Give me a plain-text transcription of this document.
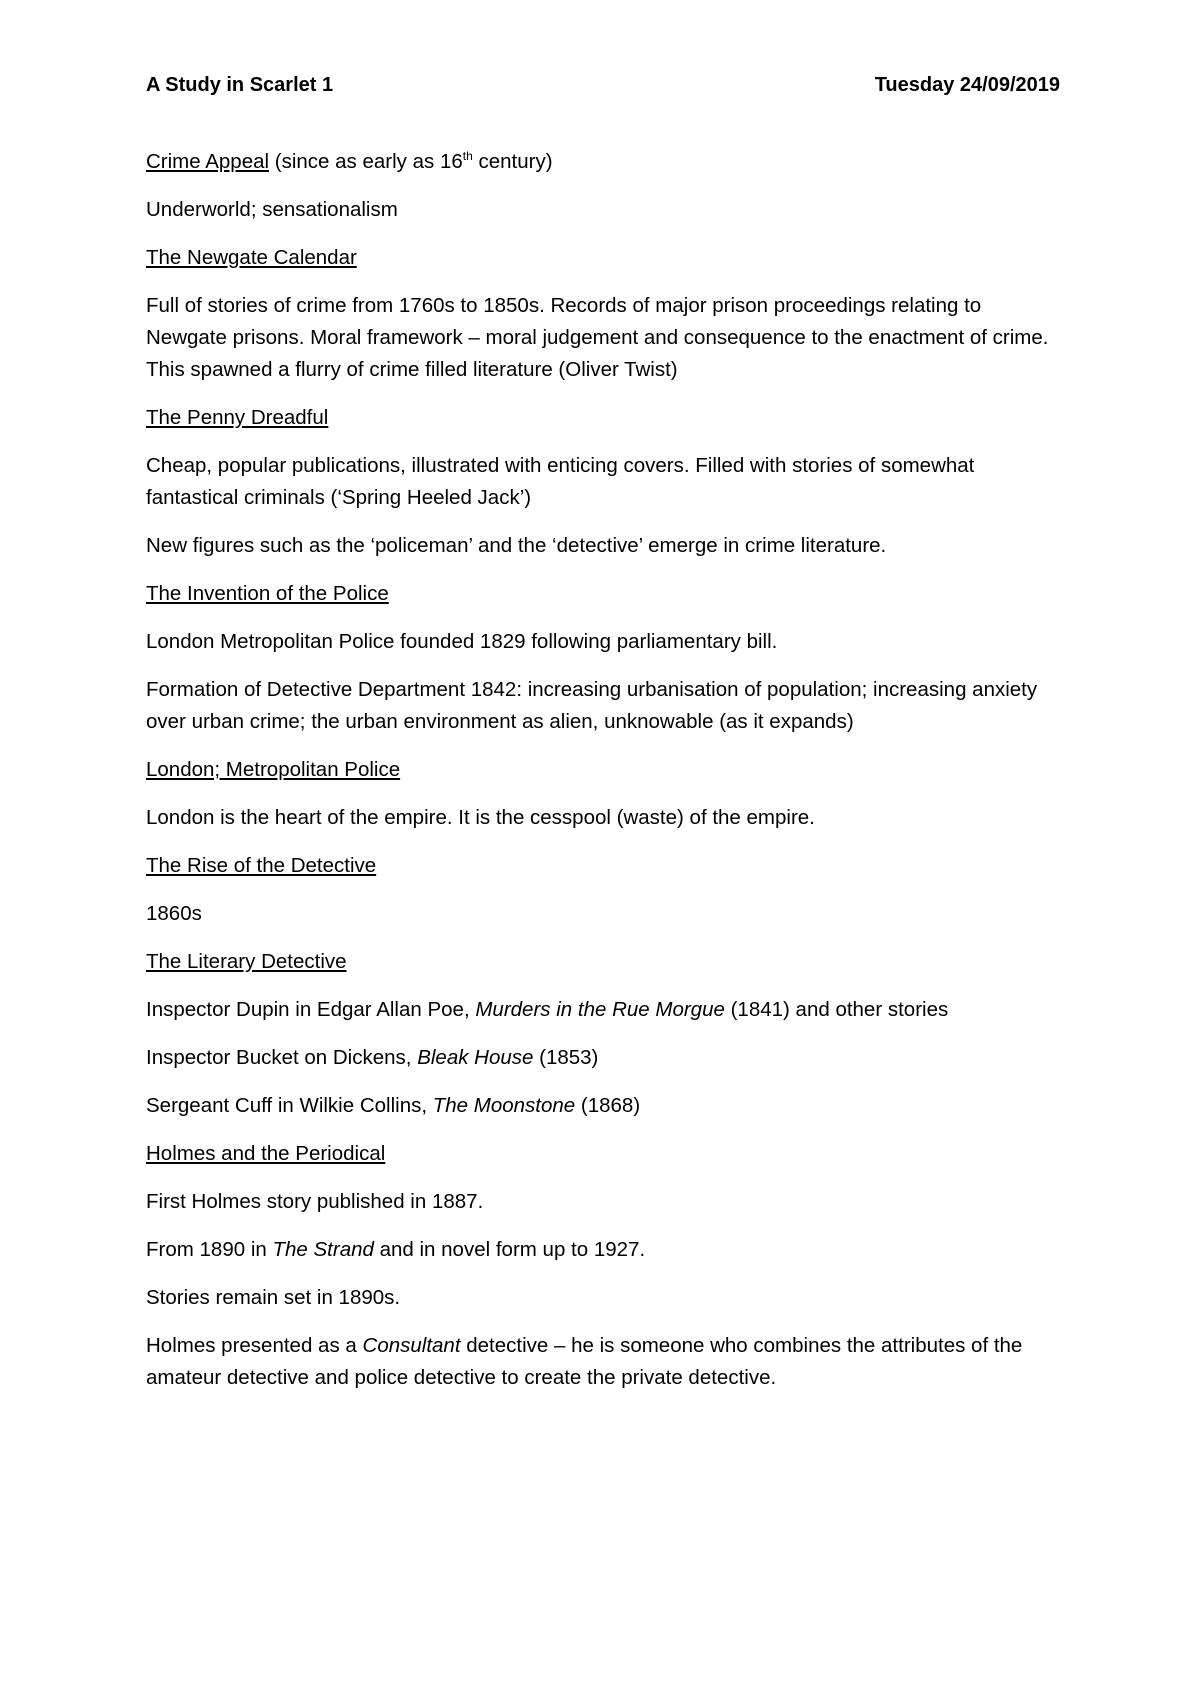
A Study in Scarlet 1	Tuesday 24/09/2019

Crime Appeal (since as early as 16th century)

Underworld; sensationalism

The Newgate Calendar

Full of stories of crime from 1760s to 1850s. Records of major prison proceedings relating to Newgate prisons. Moral framework – moral judgement and consequence to the enactment of crime. This spawned a flurry of crime filled literature (Oliver Twist)

The Penny Dreadful

Cheap, popular publications, illustrated with enticing covers. Filled with stories of somewhat fantastical criminals (‘Spring Heeled Jack’)

New figures such as the ‘policeman’ and the ‘detective’ emerge in crime literature.

The Invention of the Police

London Metropolitan Police founded 1829 following parliamentary bill.

Formation of Detective Department 1842: increasing urbanisation of population; increasing anxiety over urban crime; the urban environment as alien, unknowable (as it expands)

London; Metropolitan Police

London is the heart of the empire. It is the cesspool (waste) of the empire.

The Rise of the Detective

1860s

The Literary Detective

Inspector Dupin in Edgar Allan Poe, Murders in the Rue Morgue (1841) and other stories

Inspector Bucket on Dickens, Bleak House (1853)

Sergeant Cuff in Wilkie Collins, The Moonstone (1868)

Holmes and the Periodical

First Holmes story published in 1887.

From 1890 in The Strand and in novel form up to 1927.

Stories remain set in 1890s.

Holmes presented as a Consultant detective – he is someone who combines the attributes of the amateur detective and police detective to create the private detective.
